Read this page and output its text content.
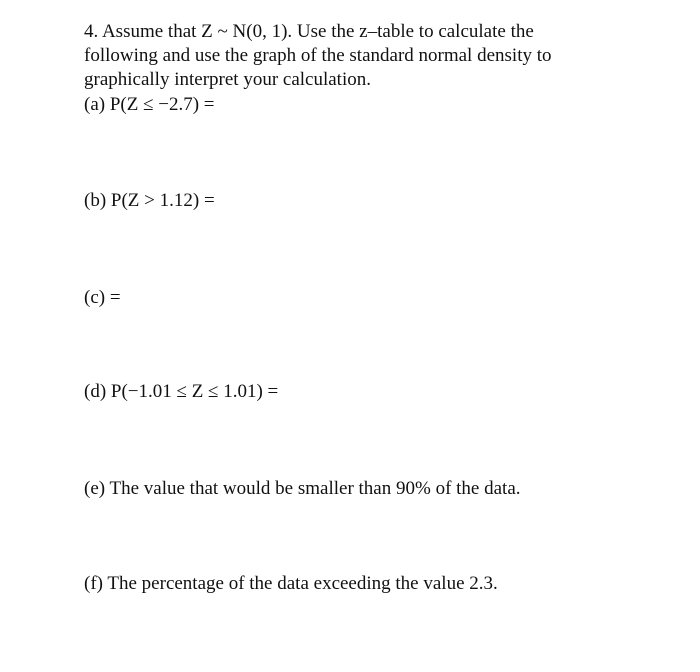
4. Assume that Z ~ N(0, 1). Use the z–table to calculate the
following and use the graph of the standard normal density to
graphically interpret your calculation.
(a) P(Z ≤ −2.7) =
(b) P(Z > 1.12) =
(c) =
(d) P(−1.01 ≤ Z ≤ 1.01) =
(e) The value that would be smaller than 90% of the data.
(f) The percentage of the data exceeding the value 2.3.
